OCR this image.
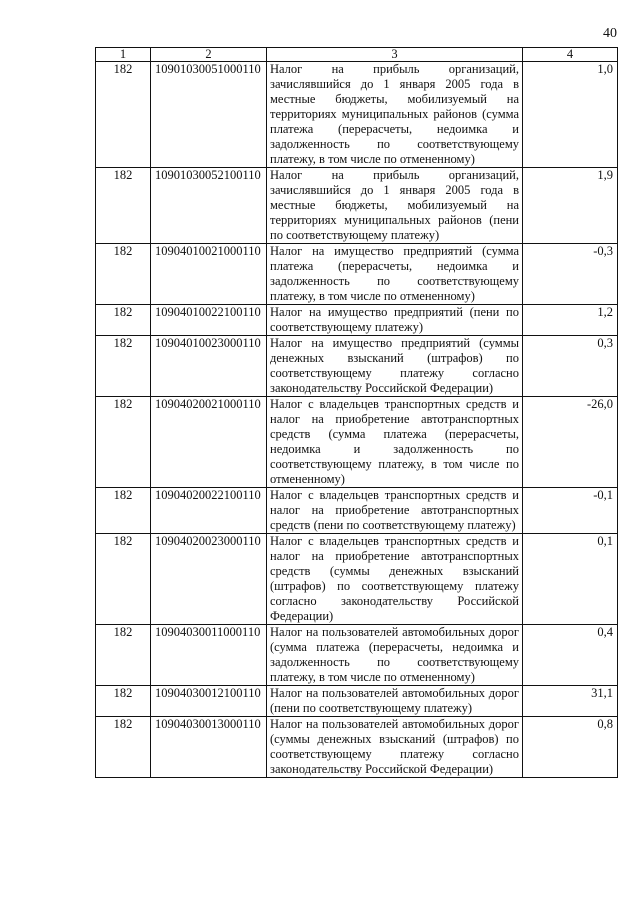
40
1	2	3	4
182	10901030051000110	Налог на прибыль организаций, зачислявшийся до 1 января 2005 года в местные бюджеты, мобилизуемый на территориях муниципальных районов (сумма платежа (перерасчеты, недоимка и задолженность по соответствующему платежу, в том числе по отмененному)	1,0
182	10901030052100110	Налог на прибыль организаций, зачислявшийся до 1 января 2005 года в местные бюджеты, мобилизуемый на территориях муниципальных районов (пени по соответствующему платежу)	1,9
182	10904010021000110	Налог на имущество предприятий (сумма платежа (перерасчеты, недоимка и задолженность по соответствующему платежу, в том числе по отмененному)	-0,3
182	10904010022100110	Налог на имущество предприятий (пени по соответствующему платежу)	1,2
182	10904010023000110	Налог на имущество предприятий (суммы денежных взысканий (штрафов) по соответствующему платежу согласно законодательству Российской Федерации)	0,3
182	10904020021000110	Налог с владельцев транспортных средств и налог на приобретение автотранспортных средств (сумма платежа (перерасчеты, недоимка и задолженность по соответствующему платежу, в том числе по отмененному)	-26,0
182	10904020022100110	Налог с владельцев транспортных средств и налог на приобретение автотранспортных средств (пени по соответствующему платежу)	-0,1
182	10904020023000110	Налог с владельцев транспортных средств и налог на приобретение автотранспортных средств (суммы денежных взысканий (штрафов) по соответствующему платежу согласно законодательству Российской Федерации)	0,1
182	10904030011000110	Налог на пользователей автомобильных дорог (сумма платежа (перерасчеты, недоимка и задолженность по соответствующему платежу, в том числе по отмененному)	0,4
182	10904030012100110	Налог на пользователей автомобильных дорог (пени по соответствующему платежу)	31,1
182	10904030013000110	Налог на пользователей автомобильных дорог (суммы денежных взысканий (штрафов) по соответствующему платежу согласно законодательству Российской Федерации)	0,8
